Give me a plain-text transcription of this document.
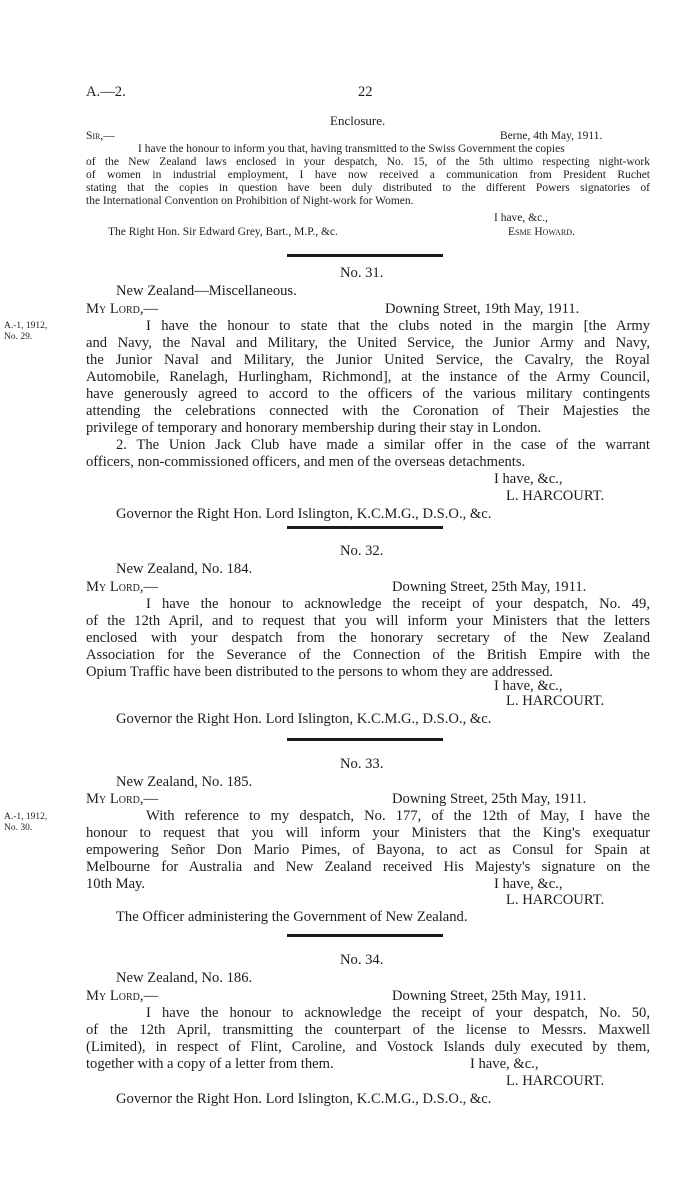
A.—2.	22
Enclosure.
Sir,—	Berne, 4th May, 1911.
I have the honour to inform you that, having transmitted to the Swiss Government the copies
of the New Zealand laws enclosed in your despatch, No. 15, of the 5th ultimo respecting night-work
of women in industrial employment, I have now received a communication from President Ruchet
stating that the copies in question have been duly distributed to the different Powers signatories of
the International Convention on Prohibition of Night-work for Women.
I have, &c.,
The Right Hon. Sir Edward Grey, Bart., M.P., &c.	Esme Howard.
No. 31.
New Zealand—Miscellaneous.
My Lord,—	Downing Street, 19th May, 1911.
A.-1, 1912,
No. 29.
I have the honour to state that the clubs noted in the margin [the Army
and Navy, the Naval and Military, the United Service, the Junior Army and Navy,
the Junior Naval and Military, the Junior United Service, the Cavalry, the Royal
Automobile, Ranelagh, Hurlingham, Richmond], at the instance of the Army Council,
have generously agreed to accord to the officers of the various military contingents
attending the celebrations connected with the Coronation of Their Majesties the
privilege of temporary and honorary membership during their stay in London.
2. The Union Jack Club have made a similar offer in the case of the warrant
officers, non-commissioned officers, and men of the overseas detachments.
I have, &c.,
L. HARCOURT.
Governor the Right Hon. Lord Islington, K.C.M.G., D.S.O., &c.
No. 32.
New Zealand, No. 184.
My Lord,—	Downing Street, 25th May, 1911.
I have the honour to acknowledge the receipt of your despatch, No. 49,
of the 12th April, and to request that you will inform your Ministers that the letters
enclosed with your despatch from the honorary secretary of the New Zealand
Association for the Severance of the Connection of the British Empire with the
Opium Traffic have been distributed to the persons to whom they are addressed.
I have, &c.,
L. HARCOURT.
Governor the Right Hon. Lord Islington, K.C.M.G., D.S.O., &c.
No. 33.
New Zealand, No. 185.
My Lord,—	Downing Street, 25th May, 1911.
A.-1, 1912,
No. 30.
With reference to my despatch, No. 177, of the 12th of May, I have the
honour to request that you will inform your Ministers that the King's exequatur
empowering Señor Don Mario Pimes, of Bayona, to act as Consul for Spain at
Melbourne for Australia and New Zealand received His Majesty's signature on the
10th May.	I have, &c.,
L. HARCOURT.
The Officer administering the Government of New Zealand.
No. 34.
New Zealand, No. 186.
My Lord,—	Downing Street, 25th May, 1911.
I have the honour to acknowledge the receipt of your despatch, No. 50,
of the 12th April, transmitting the counterpart of the license to Messrs. Maxwell
(Limited), in respect of Flint, Caroline, and Vostock Islands duly executed by them,
together with a copy of a letter from them.	I have, &c.,
L. HARCOURT.
Governor the Right Hon. Lord Islington, K.C.M.G., D.S.O., &c.
